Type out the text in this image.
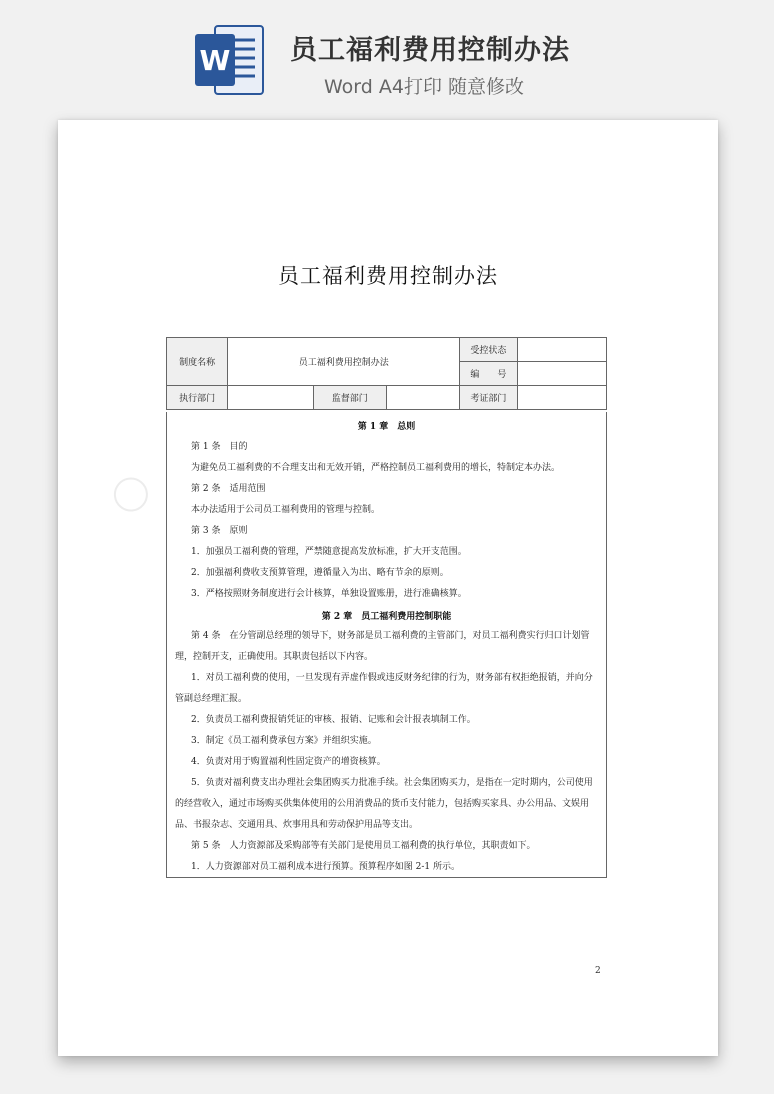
W 员工福利费用控制办法
Word A4打印 随意修改
员工福利费用控制办法
制度名称	员工福利费用控制办法			受控状态	
				编　　号	
执行部门		监督部门		考证部门	
第 1 章　总则
第 1 条　目的
为避免员工福利费的不合理支出和无效开销，严格控制员工福利费用的增长，特制定本办法。
第 2 条　适用范围
本办法适用于公司员工福利费用的管理与控制。
第 3 条　原则
1．加强员工福利费的管理，严禁随意提高发放标准，扩大开支范围。
2．加强福利费收支预算管理，遵循量入为出、略有节余的原则。
3．严格按照财务制度进行会计核算，单独设置账册，进行准确核算。
第 2 章　员工福利费用控制职能
第 4 条　在分管副总经理的领导下，财务部是员工福利费的主管部门，对员工福利费实行归口计划管
理，控制开支，正确使用。其职责包括以下内容。
1．对员工福利费的使用，一旦发现有弄虚作假或违反财务纪律的行为，财务部有权拒绝报销，并向分
管副总经理汇报。
2．负责员工福利费报销凭证的审核、报销、记账和会计报表填制工作。
3．制定《员工福利费承包方案》并组织实施。
4．负责对用于购置福利性固定资产的增资核算。
5．负责对福利费支出办理社会集团购买力批准手续。社会集团购买力，是指在一定时期内，公司使用
的经营收入，通过市场购买供集体使用的公用消费品的货币支付能力，包括购买家具、办公用品、文娱用
品、书报杂志、交通用具、炊事用具和劳动保护用品等支出。
第 5 条　人力资源部及采购部等有关部门是使用员工福利费的执行单位，其职责如下。
1．人力资源部对员工福利成本进行预算。预算程序如图 2-1 所示。
2
